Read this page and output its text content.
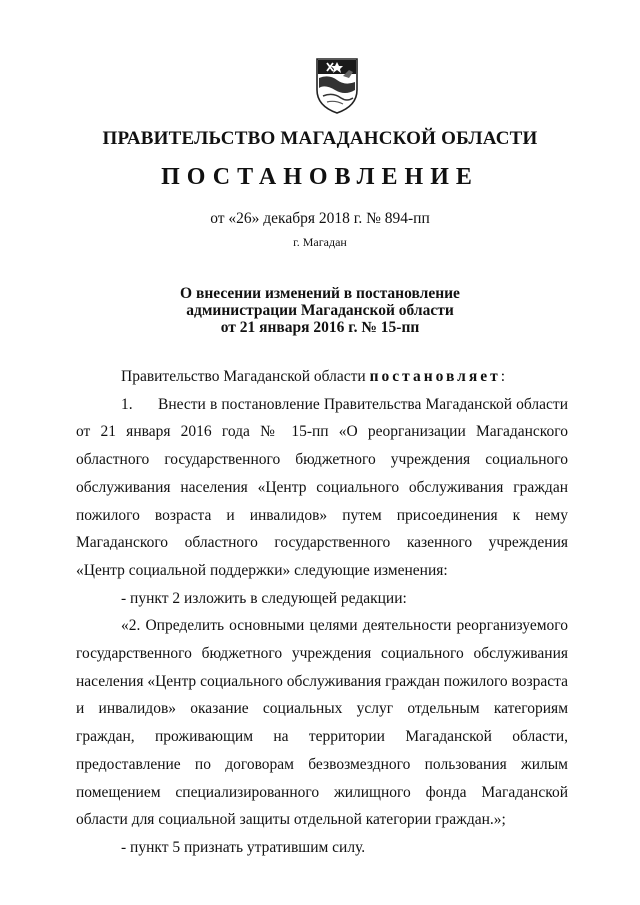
ПРАВИТЕЛЬСТВО МАГАДАНСКОЙ ОБЛАСТИ
ПОСТАНОВЛЕНИЕ
от «26» декабря 2018 г. № 894-пп
г. Магадан
О внесении изменений в постановление
администрации Магаданской области
от 21 января 2016 г. № 15-пп

Правительство Магаданской области постановляет:

1. Внести в постановление Правительства Магаданской области от 21 января 2016 года № 15-пп «О реорганизации Магаданского областного государственного бюджетного учреждения социального обслуживания населения «Центр социального обслуживания граждан пожилого возраста и инвалидов» путем присоединения к нему Магаданского областного государственного казенного учреждения «Центр социальной поддержки» следующие изменения:

- пункт 2 изложить в следующей редакции:

«2. Определить основными целями деятельности реорганизуемого государственного бюджетного учреждения социального обслуживания населения «Центр социального обслуживания граждан пожилого возраста и инвалидов» оказание социальных услуг отдельным категориям граждан, проживающим на территории Магаданской области, предоставление по договорам безвозмездного пользования жилым помещением специализированного жилищного фонда Магаданской области для социальной защиты отдельной категории граждан.»;

- пункт 5 признать утратившим силу.
